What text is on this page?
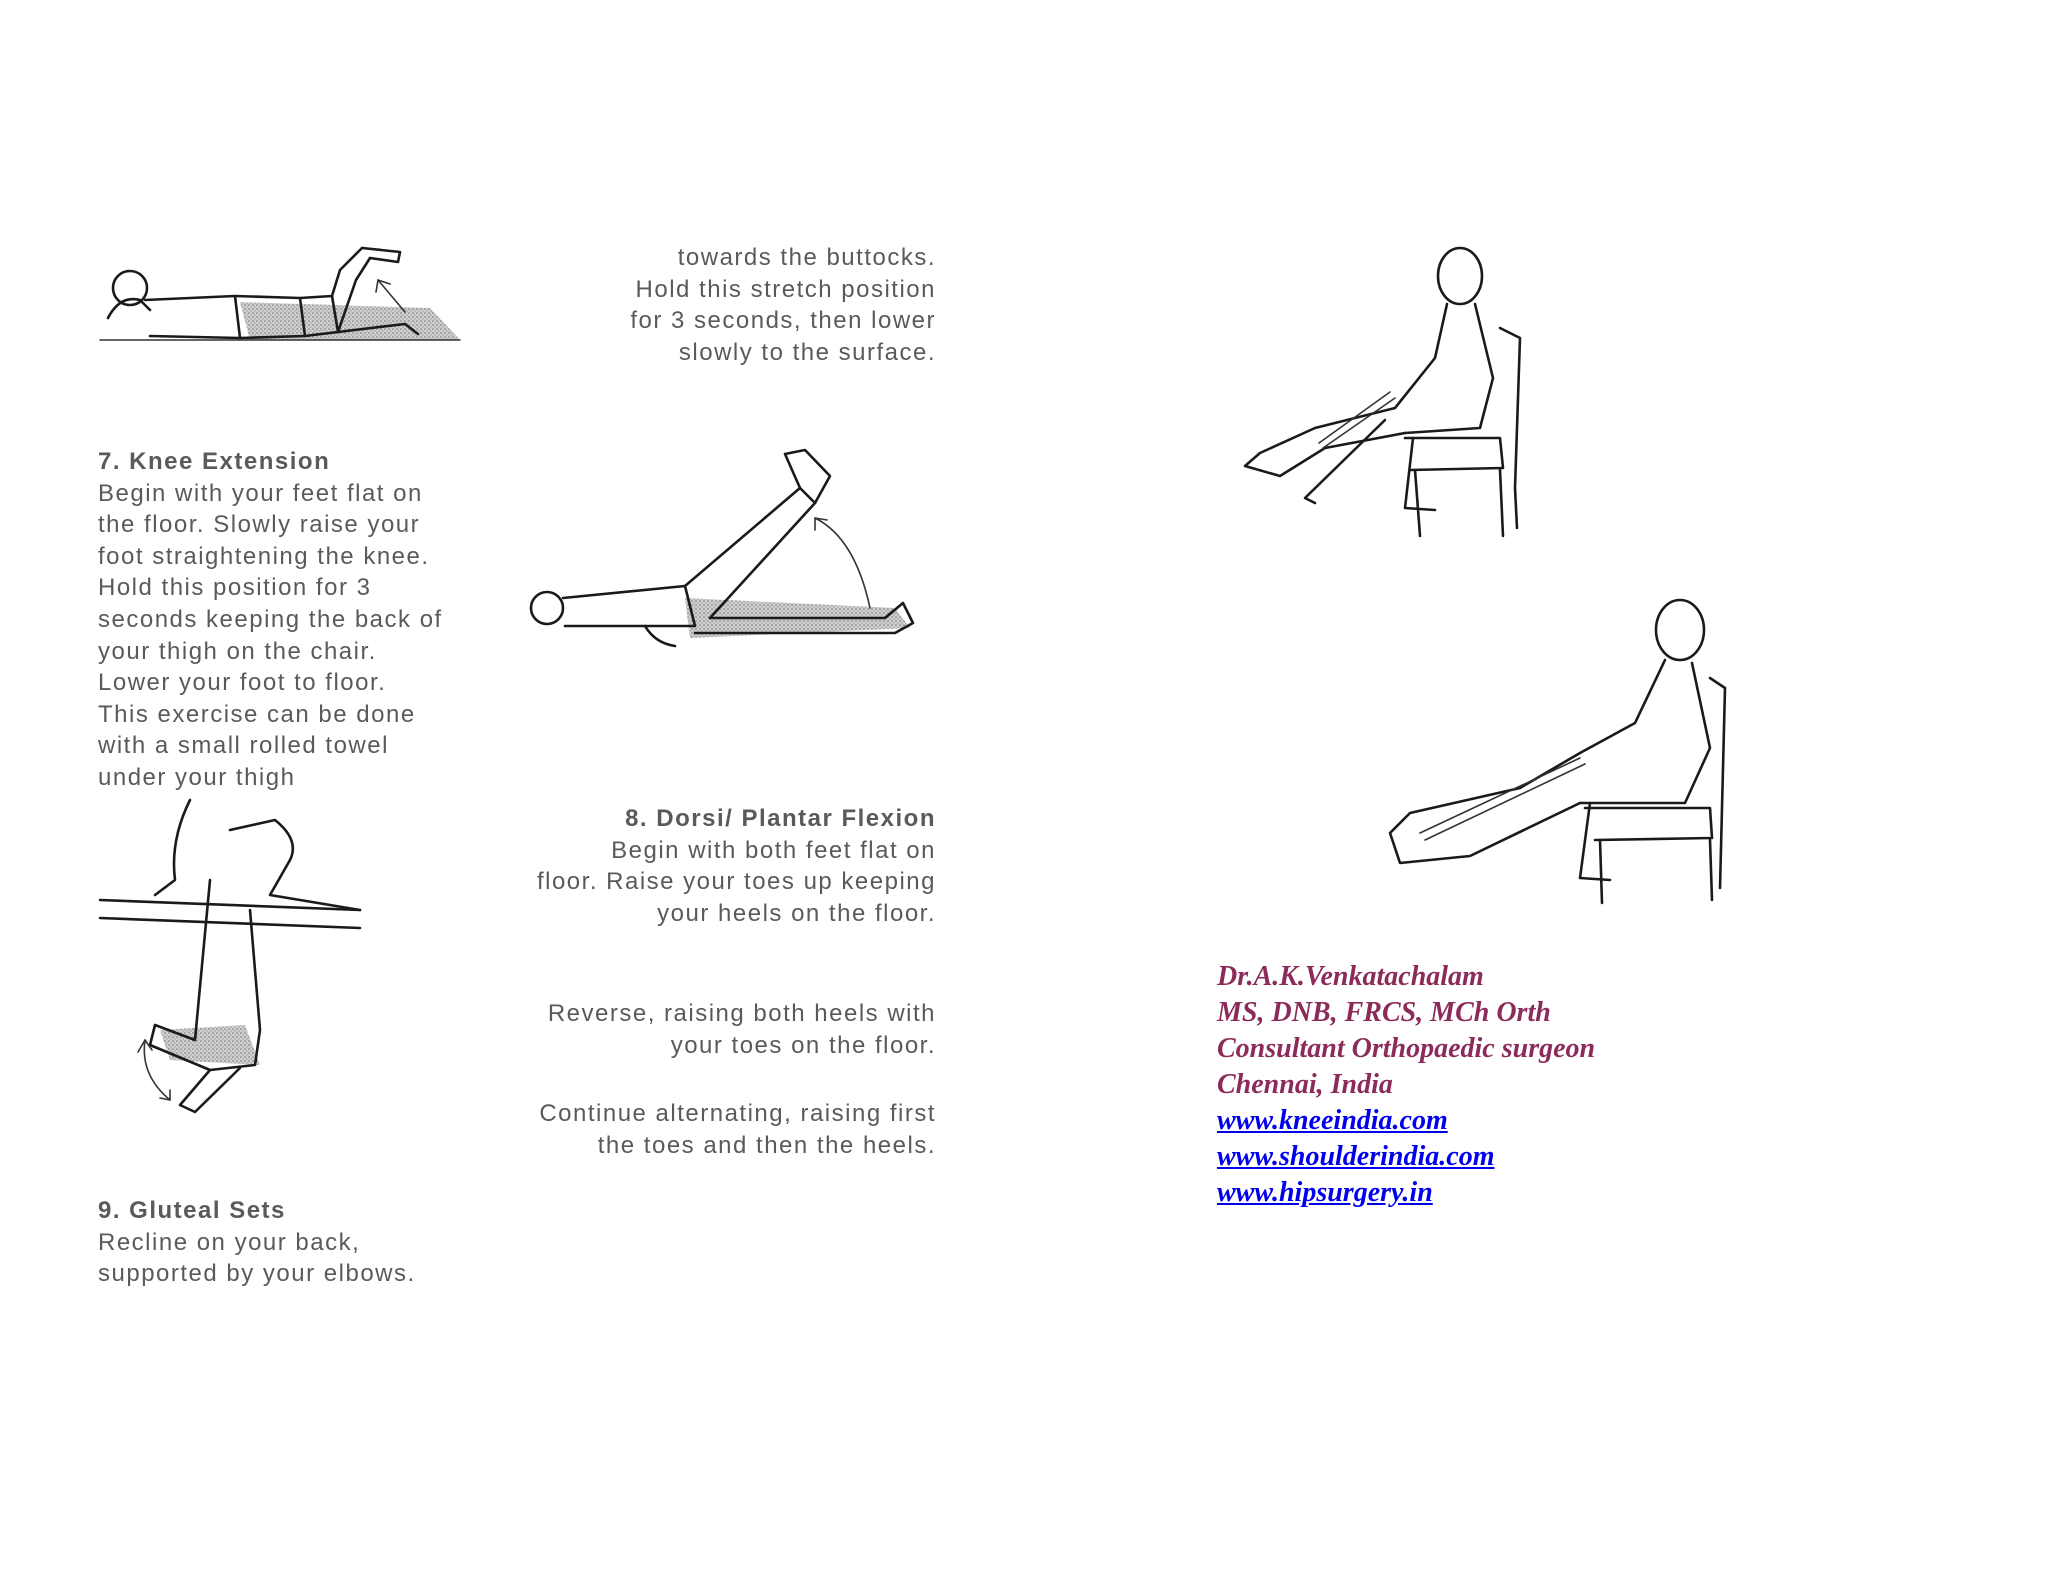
towards the buttocks.
Hold this stretch position
for 3 seconds, then lower
slowly to the surface.
7. Knee Extension
Begin with your feet flat on
the floor. Slowly raise your
foot straightening the knee.
Hold this position for 3
seconds keeping the back of
your thigh on the chair.
Lower your foot to floor.
This exercise can be done
with a small rolled towel
under your thigh
8. Dorsi/ Plantar Flexion
Begin with both feet flat on
floor. Raise your toes up keeping
your heels on the floor.
Reverse, raising both heels with
your toes on the floor.
Continue alternating, raising first
the toes and then the heels.
9. Gluteal Sets
Recline on your back,
supported by your elbows.
Dr.A.K.Venkatachalam
MS, DNB, FRCS, MCh Orth
Consultant Orthopaedic surgeon
Chennai, India
www.kneeindia.com
www.shoulderindia.com
www.hipsurgery.in
